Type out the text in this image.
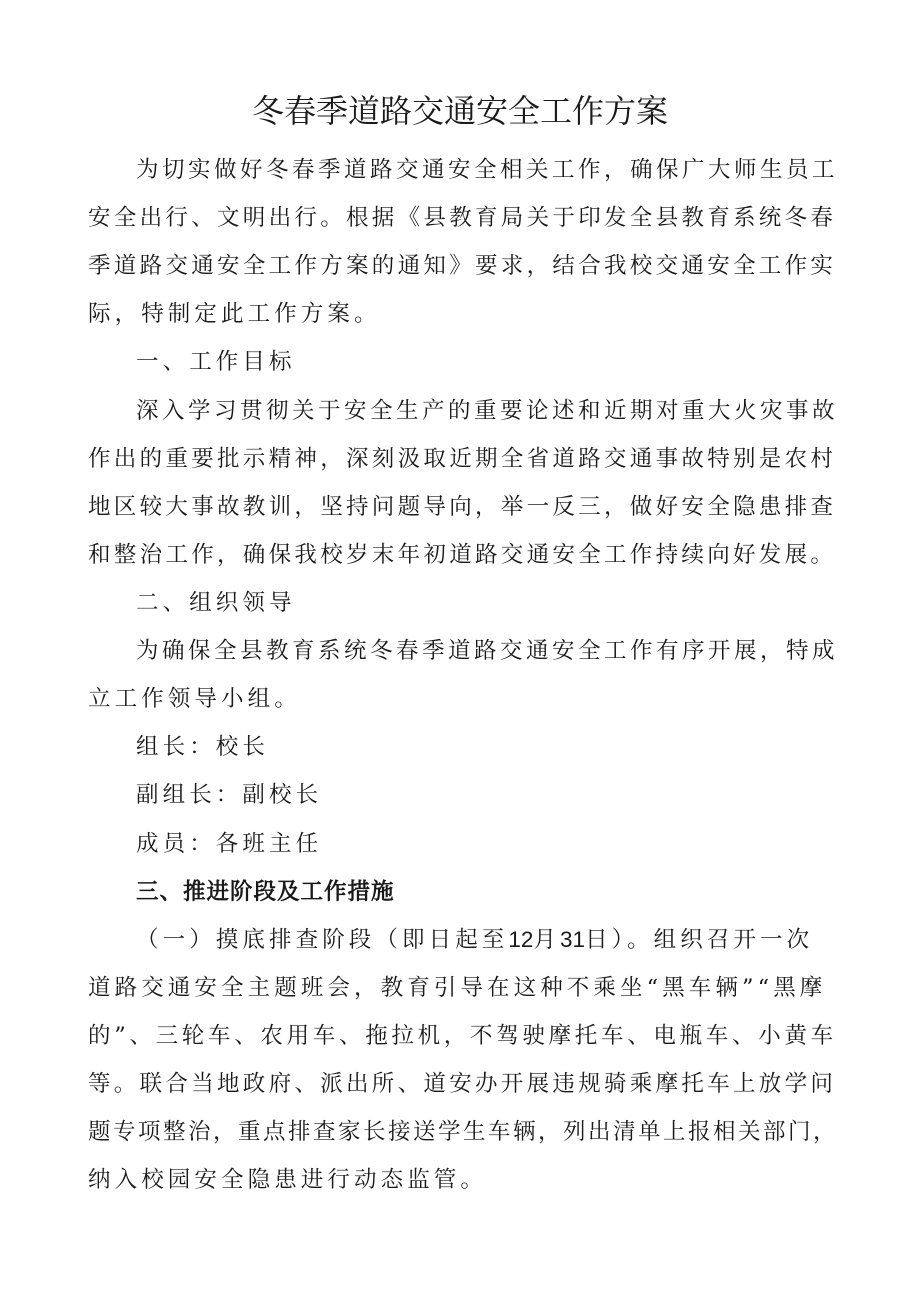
冬春季道路交通安全工作方案
为切实做好冬春季道路交通安全相关工作，确保广大师生员工
安全出行、文明出行。根据《县教育局关于印发全县教育系统冬春
季道路交通安全工作方案的通知》要求，结合我校交通安全工作实
际，特制定此工作方案。
一、工作目标
深入学习贯彻关于安全生产的重要论述和近期对重大火灾事故
作出的重要批示精神，深刻汲取近期全省道路交通事故特别是农村
地区较大事故教训，坚持问题导向，举一反三，做好安全隐患排查
和整治工作，确保我校岁末年初道路交通安全工作持续向好发展。
二、组织领导
为确保全县教育系统冬春季道路交通安全工作有序开展，特成
立工作领导小组。
组长：校长
副组长：副校长
成员：各班主任
三、推进阶段及工作措施
（一）摸底排查阶段（即日起至12月31日）。组织召开一次
道路交通安全主题班会，教育引导在这种不乘坐“黑车辆”“黑摩
的”、三轮车、农用车、拖拉机，不驾驶摩托车、电瓶车、小黄车
等。联合当地政府、派出所、道安办开展违规骑乘摩托车上放学问
题专项整治，重点排查家长接送学生车辆，列出清单上报相关部门，
纳入校园安全隐患进行动态监管。
